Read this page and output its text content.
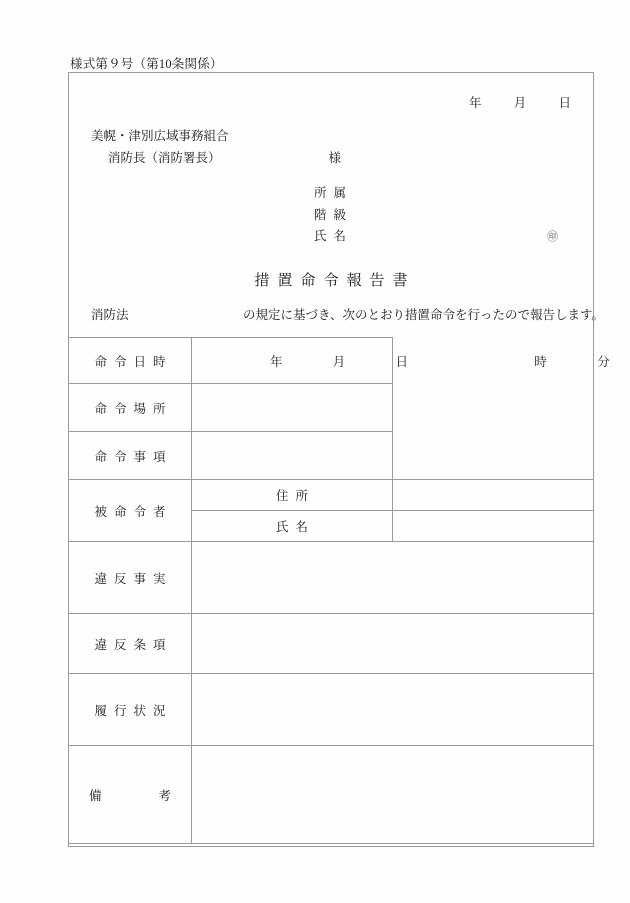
様式第９号（第10条関係）
年	月	日
美幌・津別広域事務組合
消防長（消防署長）	様
所属
階級
氏名	㊞
措置命令報告書
消防法	の規定に基づき、次のとおり措置命令を行ったので報告します。
命令日時	年 月 日 時 分	
命令場所		
命令事項		
被命令者	住所	
	氏名	
違反事実		
違反条項		
履行状況		

備 考		
